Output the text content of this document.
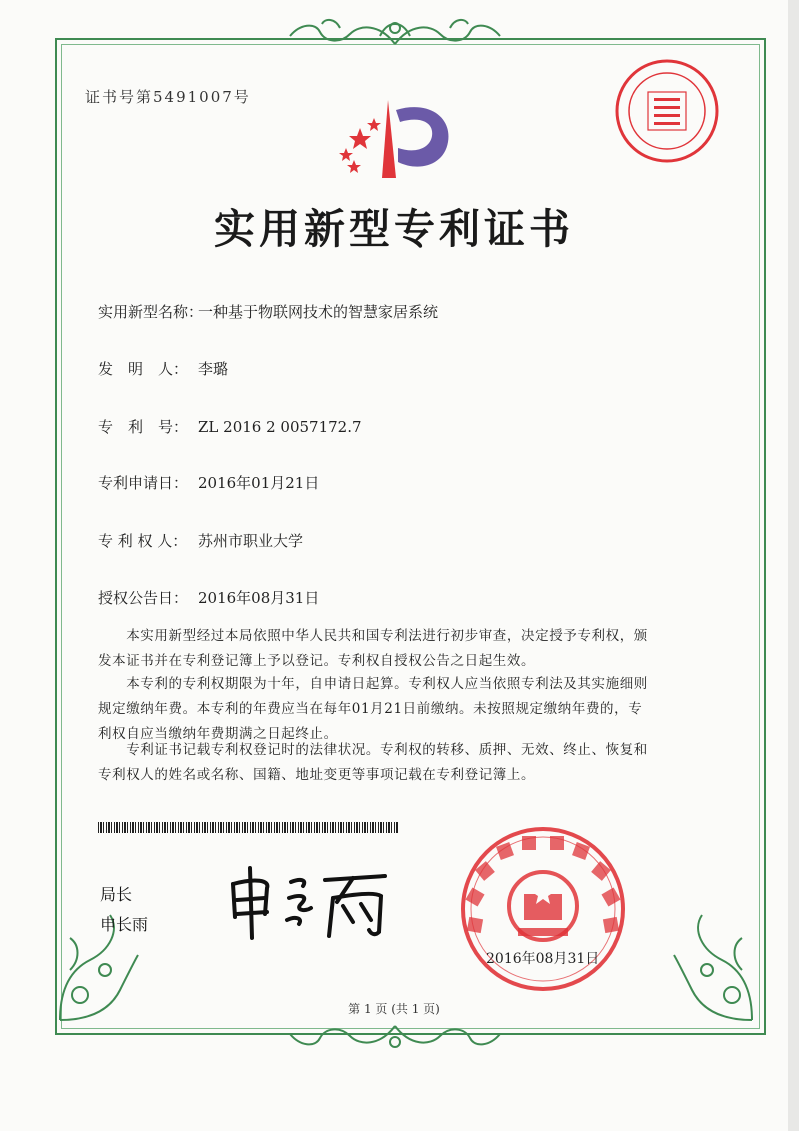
证书号第5491007号
实用新型专利证书
实用新型名称：一种基于物联网技术的智慧家居系统
发　明　人： 李璐
专　利　号： ZL 2016 2 0057172.7
专利申请日： 2016年01月21日
专 利 权 人： 苏州市职业大学
授权公告日： 2016年08月31日
　　本实用新型经过本局依照中华人民共和国专利法进行初步审查，决定授予专利权，颁
发本证书并在专利登记簿上予以登记。专利权自授权公告之日起生效。
　　本专利的专利权期限为十年，自申请日起算。专利权人应当依照专利法及其实施细则
规定缴纳年费。本专利的年费应当在每年01月21日前缴纳。未按照规定缴纳年费的，专
利权自应当缴纳年费期满之日起终止。
　　专利证书记载专利权登记时的法律状况。专利权的转移、质押、无效、终止、恢复和
专利权人的姓名或名称、国籍、地址变更等事项记载在专利登记簿上。
局长
申长雨
2016年08月31日
第 1 页 (共 1 页)
